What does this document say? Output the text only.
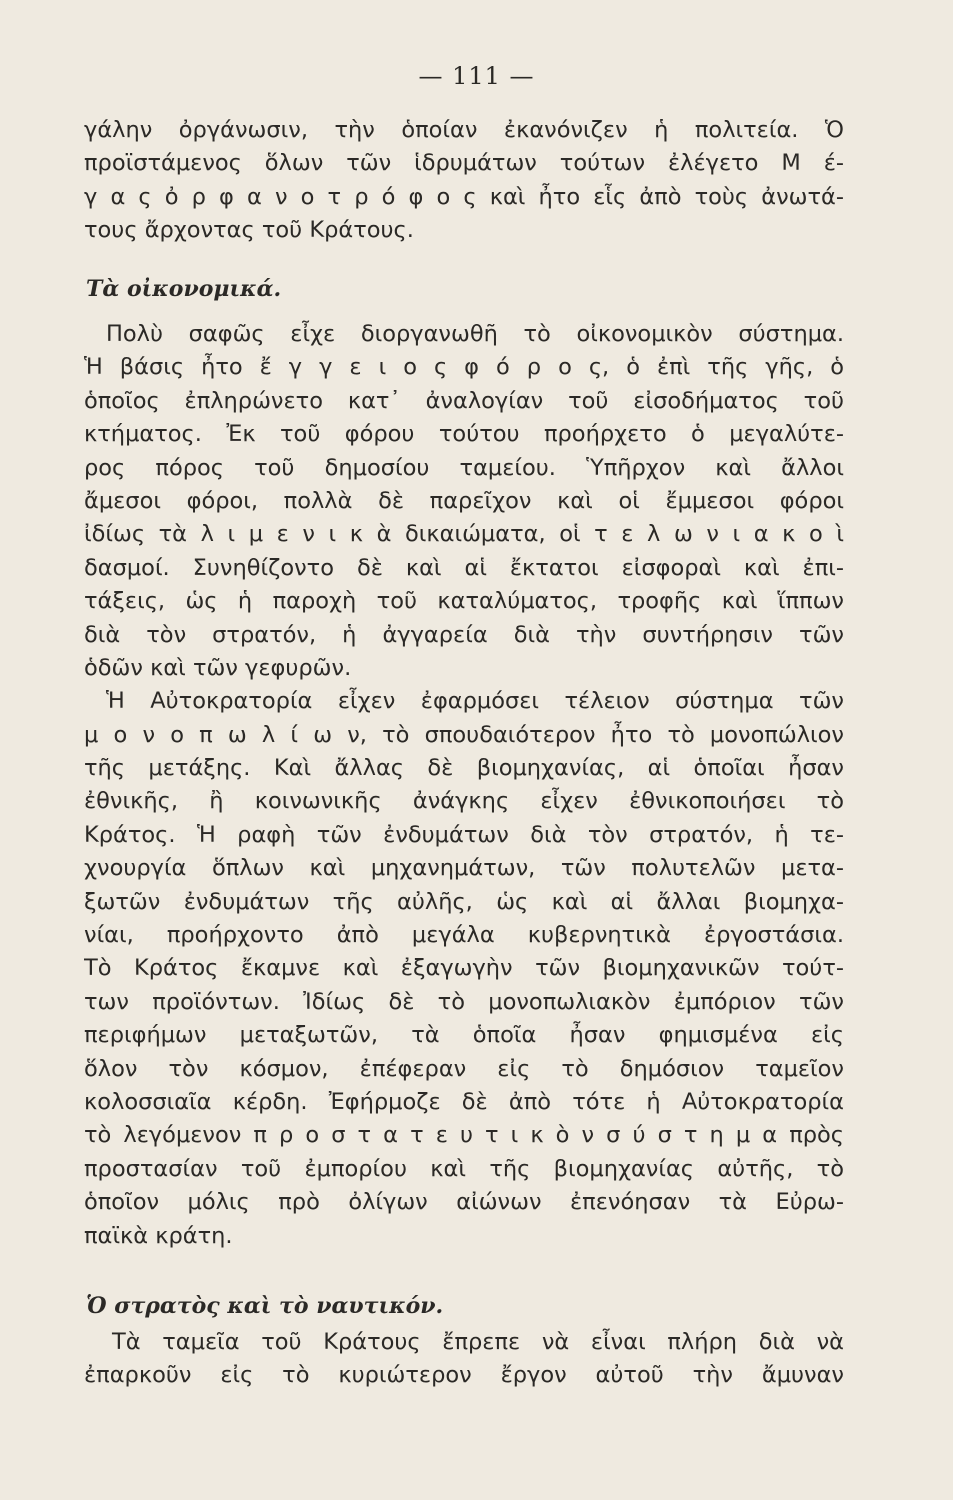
— 111 —
γάλην ὀργάνωσιν, τὴν ὁποίαν ἐκανόνιζεν ἡ πολιτεία. Ὁ
προϊστάμενος ὅλων τῶν ἱδρυμάτων τούτων ἐλέγετο Μ έ-
γ α ς ὀ ρ φ α ν ο τ ρ ό φ ο ς καὶ ἦτο εἷς ἀπὸ τοὺς ἀνωτά-
τους ἄρχοντας τοῦ Κράτους.
Τὰ οἰκονομικά.
Πολὺ σαφῶς εἶχε διοργανωθῆ τὸ οἰκονομικὸν σύστημα.
Ἡ βάσις ἦτο ἔ γ γ ε ι ο ς φ ό ρ ο ς, ὁ ἐπὶ τῆς γῆς, ὁ
ὁποῖος ἐπληρώνετο κατ᾽ ἀναλογίαν τοῦ εἰσοδήματος τοῦ
κτήματος. Ἐκ τοῦ φόρου τούτου προήρχετο ὁ μεγαλύτε-
ρος πόρος τοῦ δημοσίου ταμείου. Ὑπῆρχον καὶ ἄλλοι
ἄμεσοι φόροι, πολλὰ δὲ παρεῖχον καὶ οἱ ἔμμεσοι φόροι
ἰδίως τὰ λ ι μ ε ν ι κ ὰ δικαιώματα, οἱ τ ε λ ω ν ι α κ ο ὶ
δασμοί. Συνηθίζοντο δὲ καὶ αἱ ἔκτατοι εἰσφοραὶ καὶ ἐπι-
τάξεις, ὡς ἡ παροχὴ τοῦ καταλύματος, τροφῆς καὶ ἵππων
διὰ τὸν στρατόν, ἡ ἀγγαρεία διὰ τὴν συντήρησιν τῶν
ὁδῶν καὶ τῶν γεφυρῶν.
Ἡ Αὐτοκρατορία εἶχεν ἐφαρμόσει τέλειον σύστημα τῶν
μ ο ν ο π ω λ ί ω ν, τὸ σπουδαιότερον ἦτο τὸ μονοπώλιον
τῆς μετάξης. Καὶ ἄλλας δὲ βιομηχανίας, αἱ ὁποῖαι ἦσαν
ἐθνικῆς, ἢ κοινωνικῆς ἀνάγκης εἶχεν ἐθνικοποιήσει τὸ
Κράτος. Ἡ ραφὴ τῶν ἐνδυμάτων διὰ τὸν στρατόν, ἡ τε-
χνουργία ὅπλων καὶ μηχανημάτων, τῶν πολυτελῶν μετα-
ξωτῶν ἐνδυμάτων τῆς αὐλῆς, ὡς καὶ αἱ ἄλλαι βιομηχα-
νίαι, προήρχοντο ἀπὸ μεγάλα κυβερνητικὰ ἐργοστάσια.
Τὸ Κράτος ἔκαμνε καὶ ἐξαγωγὴν τῶν βιομηχανικῶν τούτ-
των προϊόντων. Ἰδίως δὲ τὸ μονοπωλιακὸν ἐμπόριον τῶν
περιφήμων μεταξωτῶν, τὰ ὁποῖα ἦσαν φημισμένα εἰς
ὅλον τὸν κόσμον, ἐπέφεραν εἰς τὸ δημόσιον ταμεῖον
κολοσσιαῖα κέρδη. Ἐφήρμοζε δὲ ἀπὸ τότε ἡ Αὐτοκρατορία
τὸ λεγόμενον π ρ ο σ τ α τ ε υ τ ι κ ὸ ν σ ύ σ τ η μ α πρὸς
προστασίαν τοῦ ἐμπορίου καὶ τῆς βιομηχανίας αὐτῆς, τὸ
ὁποῖον μόλις πρὸ ὀλίγων αἰώνων ἐπενόησαν τὰ Εὐρω-
παϊκὰ κράτη.
Ὁ στρατὸς καὶ τὸ ναυτικόν.
Τὰ ταμεῖα τοῦ Κράτους ἔπρεπε νὰ εἶναι πλήρη διὰ νὰ
ἐπαρκοῦν εἰς τὸ κυριώτερον ἔργον αὐτοῦ τὴν ἄμυναν
